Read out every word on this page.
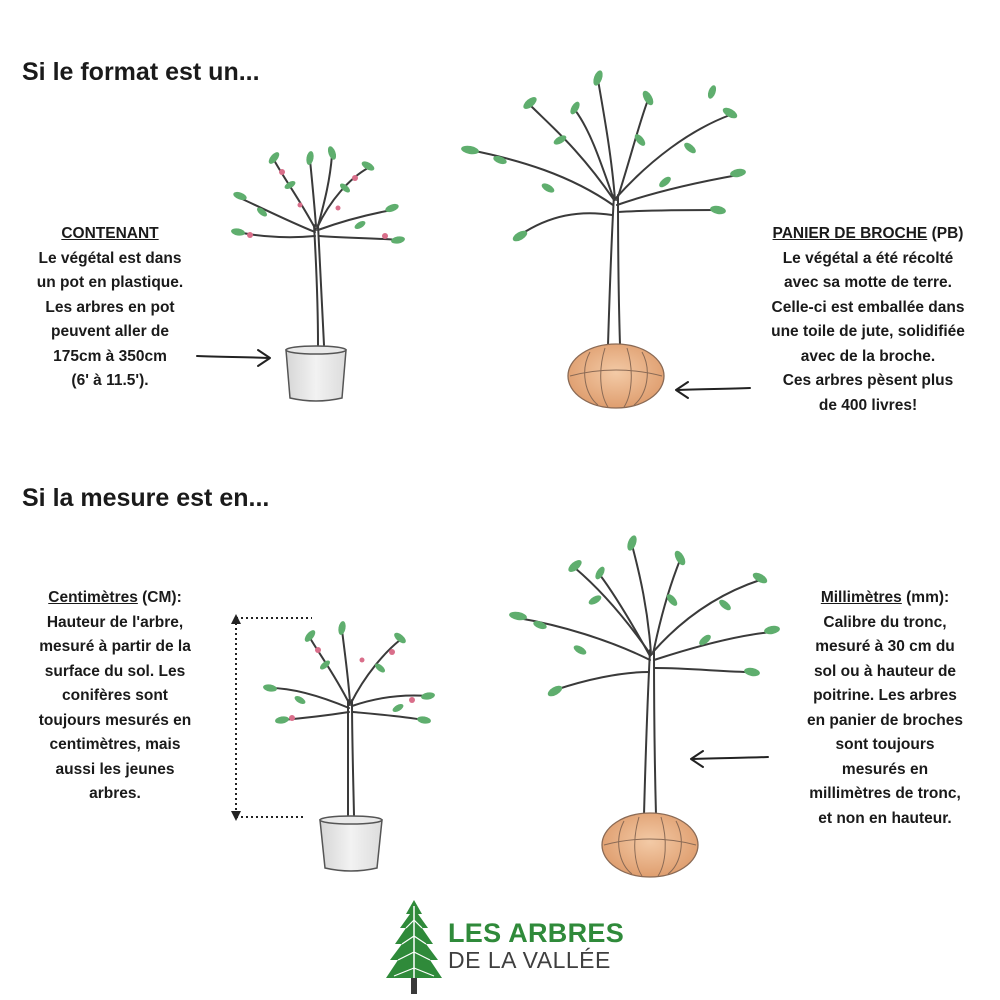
Si le format est un...
Si la mesure est en...
CONTENANT
Le végétal est dans
un pot en plastique.
Les arbres en pot
peuvent aller de
175cm à 350cm
(6' à 11.5').
PANIER DE BROCHE (PB)
Le végétal a été récolté
avec sa motte de terre.
Celle-ci est emballée dans
une toile de jute, solidifiée
avec de la broche.
Ces arbres pèsent plus
de 400 livres!
Centimètres (CM):
Hauteur de l'arbre,
mesuré à partir de la
surface du sol. Les
conifères sont
toujours mesurés en
centimètres, mais
aussi les jeunes
arbres.
Millimètres (mm):
Calibre du tronc,
mesuré à 30 cm du
sol ou à hauteur de
poitrine. Les arbres
en panier de broches
sont toujours
mesurés en
millimètres de tronc,
et non en hauteur.
LES ARBRES
DE LA VALLÉE
